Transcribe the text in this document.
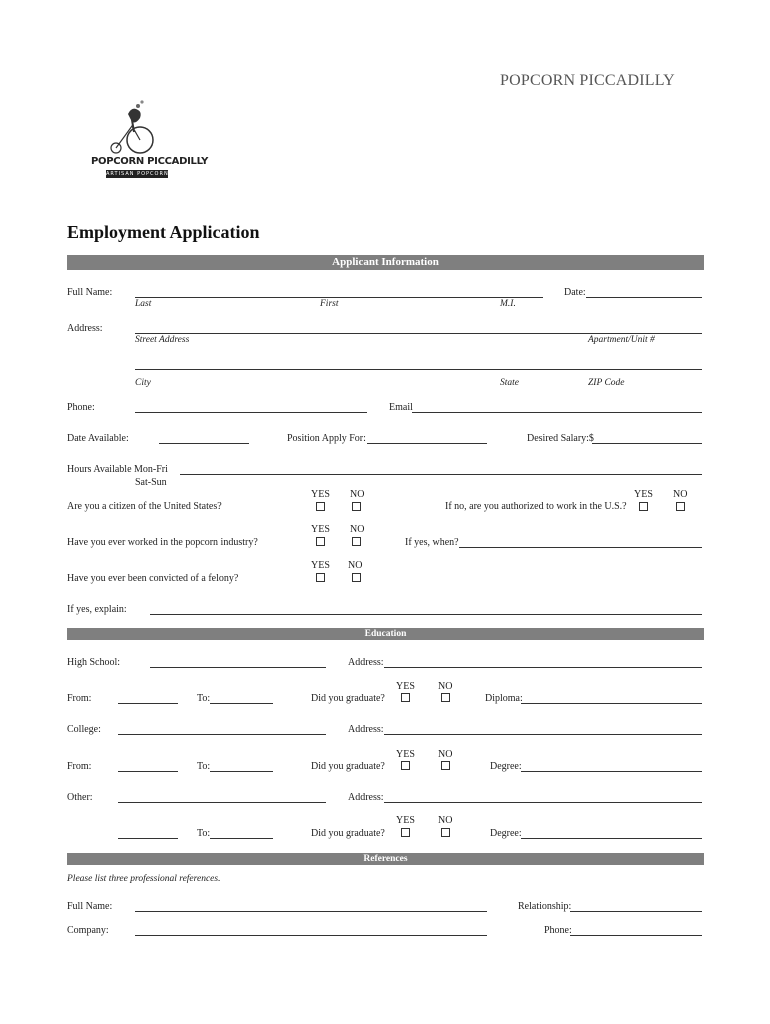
POPCORN PICCADILLY
POPCORN PICCADILLY
ARTISAN POPCORN
Employment Application
Applicant Information
Full Name:	Date:
Last	First	M.I.
Address:
Street Address	Apartment/Unit #
City	State	ZIP Code
Phone:	Email
Date Available:	Position Apply For:	Desired Salary:$
Hours Available Mon-Fri
Sat-Sun
YES NO
Are you a citizen of the United States?
YES NO
If no, are you authorized to work in the U.S.?
YES NO
Have you ever worked in the popcorn industry?	If yes, when?
YES NO
Have you ever been convicted of a felony?
If yes, explain:
Education
High School:	Address:
YES NO
From:	To:	Did you graduate?	Diploma:
College:	Address:
YES NO
From:	To:	Did you graduate?	Degree:
Other:	Address:
YES NO
To:	Did you graduate?	Degree:
References
Please list three professional references.
Full Name:	Relationship:
Company:	Phone:
